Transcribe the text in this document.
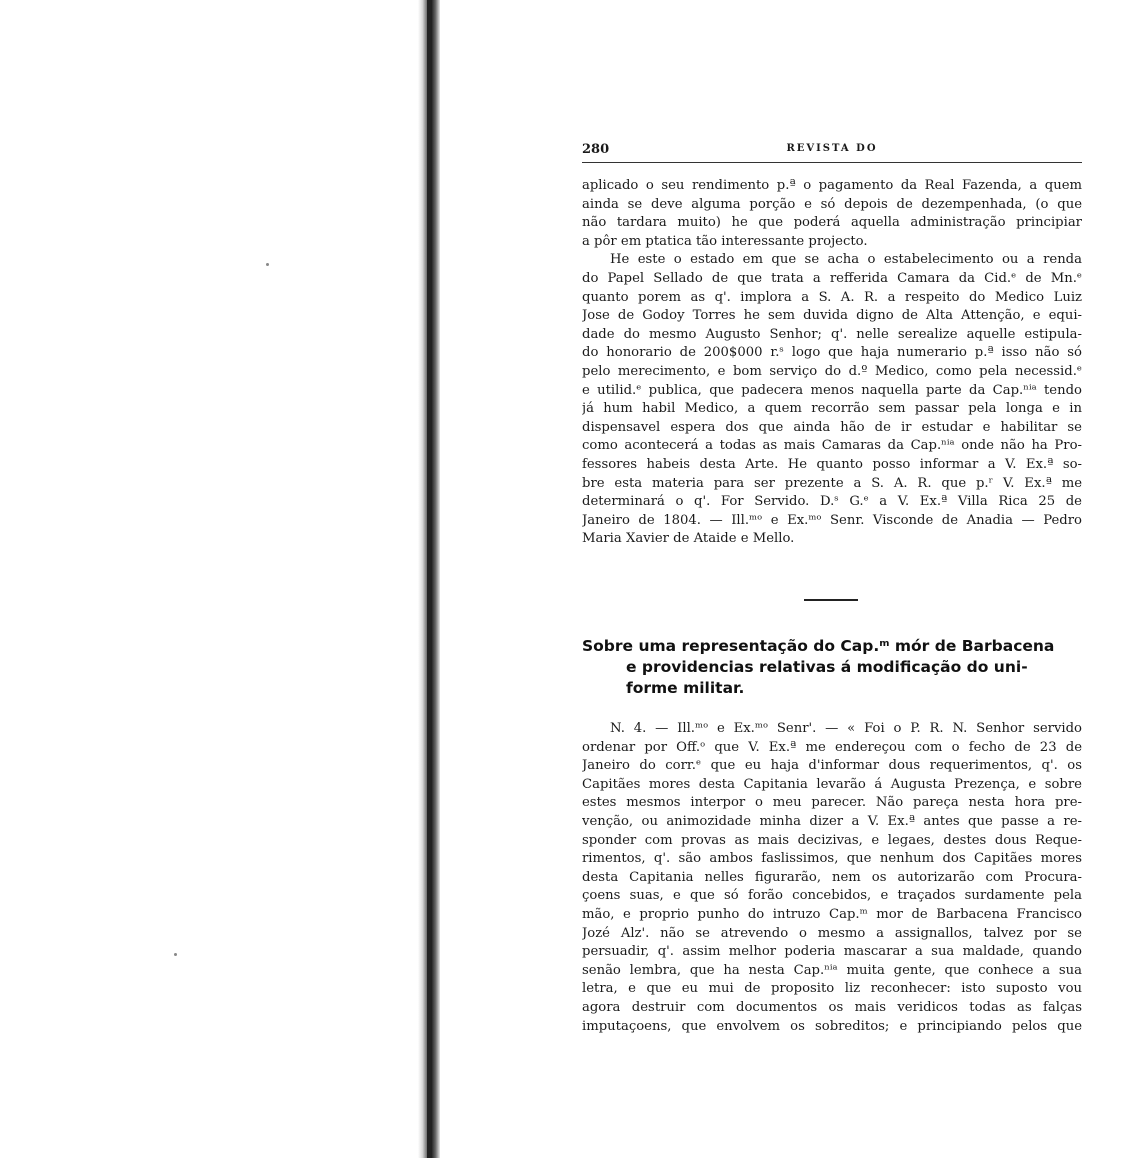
280	REVISTA DO
aplicado o seu rendimento p.ª o pagamento da Real Fazenda, a quem
ainda se deve alguma porção e só depois de dezempenhada, (o que
não tardara muito) he que poderá aquella administração principiar
a pôr em ptatica tão interessante projecto.
He este o estado em que se acha o estabelecimento ou a renda
do Papel Sellado de que trata a refferida Camara da Cid.ᵉ de Mn.ᵉ
quanto porem as q'. implora a S. A. R. a respeito do Medico Luiz
Jose de Godoy Torres he sem duvida digno de Alta Attenção, e equi-
dade do mesmo Augusto Senhor; q'. nelle serealize aquelle estipula-
do honorario de 200$000 r.ˢ logo que haja numerario p.ª isso não só
pelo merecimento, e bom serviço do d.º Medico, como pela necessid.ᵉ
e utilid.ᵉ publica, que padecera menos naquella parte da Cap.ⁿⁱᵃ tendo
já hum habil Medico, a quem recorrão sem passar pela longa e in
dispensavel espera dos que ainda hão de ir estudar e habilitar se
como acontecerá a todas as mais Camaras da Cap.ⁿⁱᵃ onde não ha Pro-
fessores habeis desta Arte. He quanto posso informar a V. Ex.ª so-
bre esta materia para ser prezente a S. A. R. que p.ʳ V. Ex.ª me
determinará o q'. For Servido. D.ˢ G.ᵉ a V. Ex.ª Villa Rica 25 de
Janeiro de 1804. — Ill.ᵐᵒ e Ex.ᵐᵒ Senr. Visconde de Anadia — Pedro
Maria Xavier de Ataide e Mello.
Sobre uma representação do Cap.ᵐ mór de Barbacena
e providencias relativas á modificação do uni-
forme militar.
N. 4. — Ill.ᵐᵒ e Ex.ᵐᵒ Senr'. — « Foi o P. R. N. Senhor servido
ordenar por Off.ᵒ que V. Ex.ª me endereçou com o fecho de 23 de
Janeiro do corr.ᵉ que eu haja d'informar dous requerimentos, q'. os
Capitães mores desta Capitania levarão á Augusta Prezença, e sobre
estes mesmos interpor o meu parecer. Não pareça nesta hora pre-
venção, ou animozidade minha dizer a V. Ex.ª antes que passe a re-
sponder com provas as mais decizivas, e legaes, destes dous Reque-
rimentos, q'. são ambos faslissimos, que nenhum dos Capitães mores
desta Capitania nelles figurarão, nem os autorizarão com Procura-
çoens suas, e que só forão concebidos, e traçados surdamente pela
mão, e proprio punho do intruzo Cap.ᵐ mor de Barbacena Francisco
Jozé Alz'. não se atrevendo o mesmo a assignallos, talvez por se
persuadir, q'. assim melhor poderia mascarar a sua maldade, quando
senão lembra, que ha nesta Cap.ⁿⁱᵃ muita gente, que conhece a sua
letra, e que eu mui de proposito liz reconhecer: isto suposto vou
agora destruir com documentos os mais veridicos todas as falças
imputaçoens, que envolvem os sobreditos; e principiando pelos que
